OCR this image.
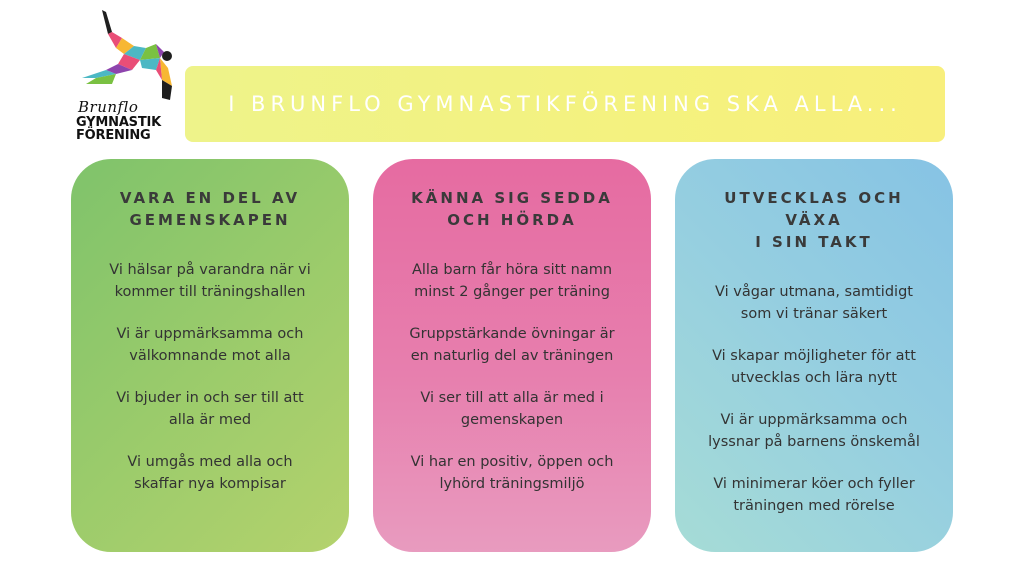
Brunflo
GYMNASTIK
FÖRENING
I BRUNFLO GYMNASTIKFÖRENING SKA ALLA...
VARA EN DEL AV
GEMENSKAPEN
Vi hälsar på varandra när vi
kommer till träningshallen
Vi är uppmärksamma och
välkomnande mot alla
Vi bjuder in och ser till att
alla är med
Vi umgås med alla och
skaffar nya kompisar
KÄNNA SIG SEDDA
OCH HÖRDA
Alla barn får höra sitt namn
minst 2 gånger per träning
Gruppstärkande övningar är
en naturlig del av träningen
Vi ser till att alla är med i
gemenskapen
Vi har en positiv, öppen och
lyhörd träningsmiljö
UTVECKLAS OCH VÄXA
I SIN TAKT
Vi vågar utmana, samtidigt
som vi tränar säkert
Vi skapar möjligheter för att
utvecklas och lära nytt
Vi är uppmärksamma och
lyssnar på barnens önskemål
Vi minimerar köer och fyller
träningen med rörelse
